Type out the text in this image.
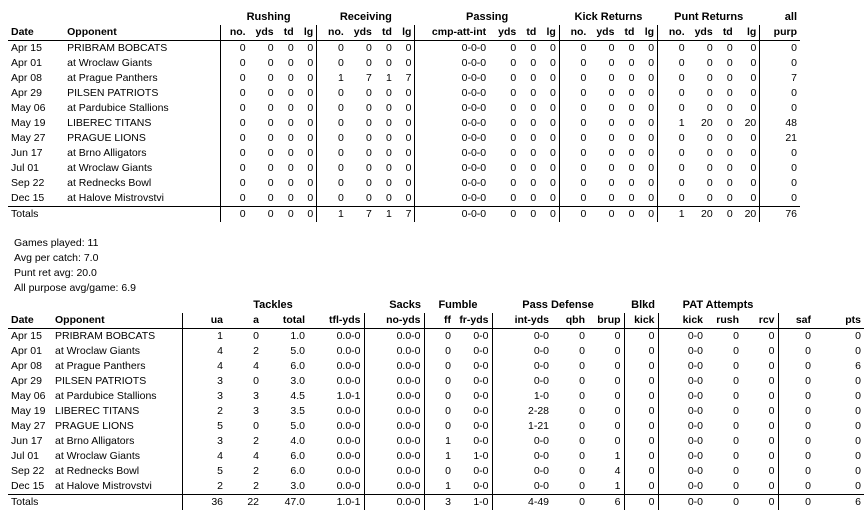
		Rushing				Receiving				Passing				Kick Returns				Punt Returns				all
Date	Opponent	no.	yds	td	lg	no.	yds	td	lg	cmp-att-int	yds	td	lg	no.	yds	td	lg	no.	yds	td	lg	purp
Apr 15	PRIBRAM BOBCATS	0	0	0	0	0	0	0	0	0-0-0	0	0	0	0	0	0	0	0	0	0	0	0
Apr 01	at Wroclaw Giants	0	0	0	0	0	0	0	0	0-0-0	0	0	0	0	0	0	0	0	0	0	0	0
Apr 08	at Prague Panthers	0	0	0	0	1	7	1	7	0-0-0	0	0	0	0	0	0	0	0	0	0	0	7
Apr 29	PILSEN PATRIOTS	0	0	0	0	0	0	0	0	0-0-0	0	0	0	0	0	0	0	0	0	0	0	0
May 06	at Pardubice Stallions	0	0	0	0	0	0	0	0	0-0-0	0	0	0	0	0	0	0	0	0	0	0	0
May 19	LIBEREC TITANS	0	0	0	0	0	0	0	0	0-0-0	0	0	0	0	0	0	0	1	20	0	20	48
May 27	PRAGUE LIONS	0	0	0	0	0	0	0	0	0-0-0	0	0	0	0	0	0	0	0	0	0	0	21
Jun 17	at Brno Alligators	0	0	0	0	0	0	0	0	0-0-0	0	0	0	0	0	0	0	0	0	0	0	0
Jul 01	at Wroclaw Giants	0	0	0	0	0	0	0	0	0-0-0	0	0	0	0	0	0	0	0	0	0	0	0
Sep 22	at Rednecks Bowl	0	0	0	0	0	0	0	0	0-0-0	0	0	0	0	0	0	0	0	0	0	0	0
Dec 15	at Halove Mistrovstvi	0	0	0	0	0	0	0	0	0-0-0	0	0	0	0	0	0	0	0	0	0	0	0
Totals		0	0	0	0	1	7	1	7	0-0-0	0	0	0	0	0	0	0	1	20	0	20	76
Games played: 11
Avg per catch: 7.0
Punt ret avg: 20.0
All purpose avg/game: 6.9
		Tackles				Sacks	Fumble		Pass Defense			Blkd	PAT Attempts				
Date	Opponent	ua	a	total	tfl-yds	no-yds	ff	fr-yds	int-yds	qbh	brup	kick	kick	rush	rcv	saf	pts
Apr 15	PRIBRAM BOBCATS	1	0	1.0	0.0-0	0.0-0	0	0-0	0-0	0	0	0	0-0	0	0	0	0
Apr 01	at Wroclaw Giants	4	2	5.0	0.0-0	0.0-0	0	0-0	0-0	0	0	0	0-0	0	0	0	0
Apr 08	at Prague Panthers	4	4	6.0	0.0-0	0.0-0	0	0-0	0-0	0	0	0	0-0	0	0	0	6
Apr 29	PILSEN PATRIOTS	3	0	3.0	0.0-0	0.0-0	0	0-0	0-0	0	0	0	0-0	0	0	0	0
May 06	at Pardubice Stallions	3	3	4.5	1.0-1	0.0-0	0	0-0	1-0	0	0	0	0-0	0	0	0	0
May 19	LIBEREC TITANS	2	3	3.5	0.0-0	0.0-0	0	0-0	2-28	0	0	0	0-0	0	0	0	0
May 27	PRAGUE LIONS	5	0	5.0	0.0-0	0.0-0	0	0-0	1-21	0	0	0	0-0	0	0	0	0
Jun 17	at Brno Alligators	3	2	4.0	0.0-0	0.0-0	1	0-0	0-0	0	0	0	0-0	0	0	0	0
Jul 01	at Wroclaw Giants	4	4	6.0	0.0-0	0.0-0	1	1-0	0-0	0	1	0	0-0	0	0	0	0
Sep 22	at Rednecks Bowl	5	2	6.0	0.0-0	0.0-0	0	0-0	0-0	0	4	0	0-0	0	0	0	0
Dec 15	at Halove Mistrovstvi	2	2	3.0	0.0-0	0.0-0	1	0-0	0-0	0	1	0	0-0	0	0	0	0
Totals		36	22	47.0	1.0-1	0.0-0	3	1-0	4-49	0	6	0	0-0	0	0	0	6
